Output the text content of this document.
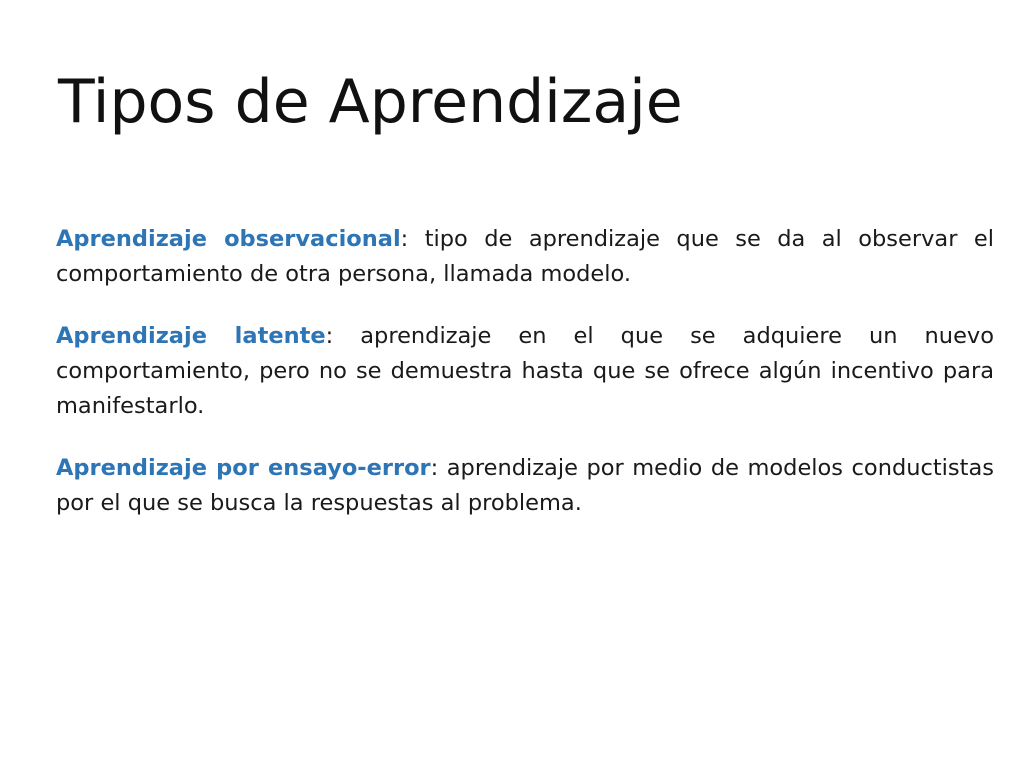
Tipos de Aprendizaje

Aprendizaje observacional: tipo de aprendizaje que se da al observar el comportamiento de otra persona, llamada modelo.

Aprendizaje latente: aprendizaje en el que se adquiere un nuevo comportamiento, pero no se demuestra hasta que se ofrece algún incentivo para manifestarlo.

Aprendizaje por ensayo-error: aprendizaje por medio de modelos conductistas por el que se busca la respuestas al problema.
